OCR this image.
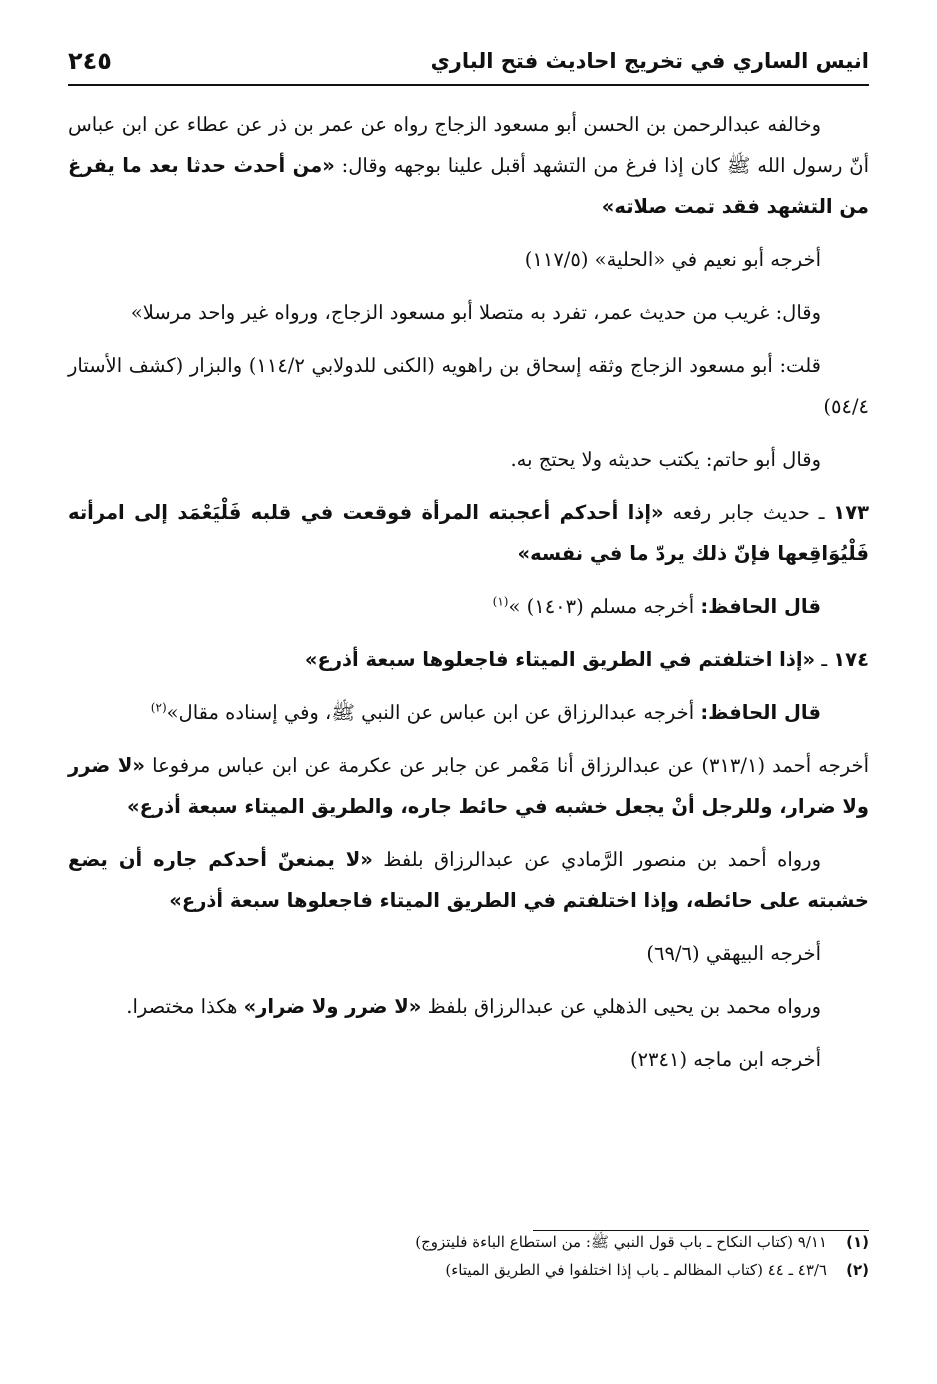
٢٤٥	انيس الساري في تخريج احاديث فتح الباري

وخالفه عبدالرحمن بن الحسن أبو مسعود الزجاج رواه عن عمر بن ذر عن عطاء عن ابن عباس أنّ رسول الله ﷺ كان إذا فرغ من التشهد أقبل علينا بوجهه وقال: «من أحدث حدثا بعد ما يفرغ من التشهد فقد تمت صلاته»

أخرجه أبو نعيم في «الحلية» (١١٧/٥)

وقال: غريب من حديث عمر، تفرد به متصلا أبو مسعود الزجاج، ورواه غير واحد مرسلا»

قلت: أبو مسعود الزجاج وثقه إسحاق بن راهويه (الكنى للدولابي ١١٤/٢) والبزار (كشف الأستار ٥٤/٤)

وقال أبو حاتم: يكتب حديثه ولا يحتج به.

١٧٣ ـ حديث جابر رفعه «إذا أحدكم أعجبته المرأة فوقعت في قلبه فَلْيَعْمَد إلى امرأته فَلْيُوَاقِعها فإنّ ذلك يردّ ما في نفسه»

قال الحافظ: أخرجه مسلم (١٤٠٣) »$^{(١)}$

١٧٤ ـ «إذا اختلفتم في الطريق الميتاء فاجعلوها سبعة أذرع»

قال الحافظ: أخرجه عبدالرزاق عن ابن عباس عن النبي ﷺ، وفي إسناده مقال»$^{(٢)}$

أخرجه أحمد (٣١٣/١) عن عبدالرزاق أنا مَعْمر عن جابر عن عكرمة عن ابن عباس مرفوعا «لا ضرر ولا ضرار، وللرجل أنْ يجعل خشبه في حائط جاره، والطريق الميتاء سبعة أذرع»

ورواه أحمد بن منصور الرَّمادي عن عبدالرزاق بلفظ «لا يمنعنّ أحدكم جاره أن يضع خشبته على حائطه، وإذا اختلفتم في الطريق الميتاء فاجعلوها سبعة أذرع»

أخرجه البيهقي (٦٩/٦)

ورواه محمد بن يحيى الذهلي عن عبدالرزاق بلفظ «لا ضرر ولا ضرار» هكذا مختصرا.

أخرجه ابن ماجه (٢٣٤١)

(١)
٩/١١ (كتاب النكاح ـ باب قول النبي ﷺ: من استطاع الباءة فليتزوج)
(٢)
٤٣/٦ ـ ٤٤ (كتاب المظالم ـ باب إذا اختلفوا في الطريق الميتاء)
